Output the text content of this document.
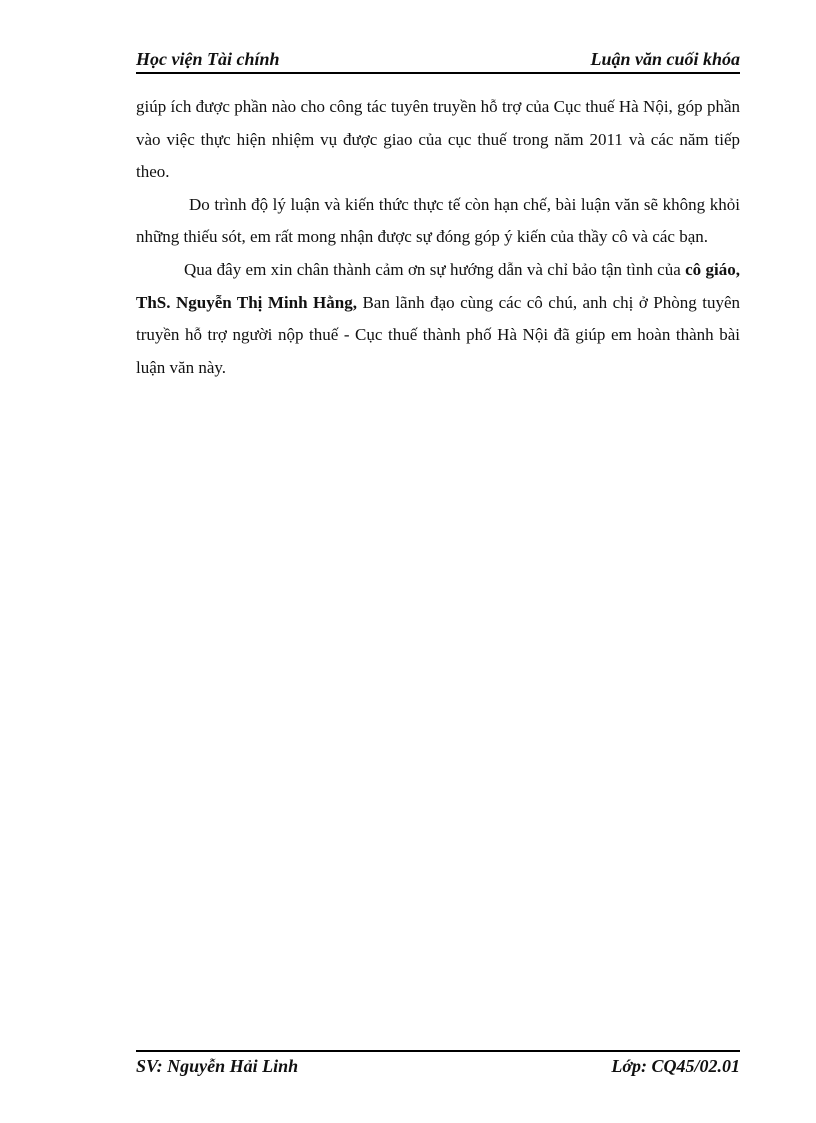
Học viện Tài chính	Luận văn cuối khóa

giúp ích được phần nào cho công tác tuyên truyền hỗ trợ của Cục thuế Hà Nội, góp phần vào việc thực hiện nhiệm vụ được giao của cục thuế trong năm 2011 và các năm tiếp theo.

Do trình độ lý luận và kiến thức thực tế còn hạn chế, bài luận văn sẽ không khỏi những thiếu sót, em rất mong nhận được sự đóng góp ý kiến của thầy cô và các bạn.

Qua đây em xin chân thành cảm ơn sự hướng dẫn và chỉ bảo tận tình của cô giáo, ThS. Nguyễn Thị Minh Hằng, Ban lãnh đạo cùng các cô chú, anh chị ở Phòng tuyên truyền hỗ trợ người nộp thuế - Cục thuế thành phố Hà Nội đã giúp em hoàn thành bài luận văn này.

SV: Nguyễn Hải Linh	Lớp: CQ45/02.01
